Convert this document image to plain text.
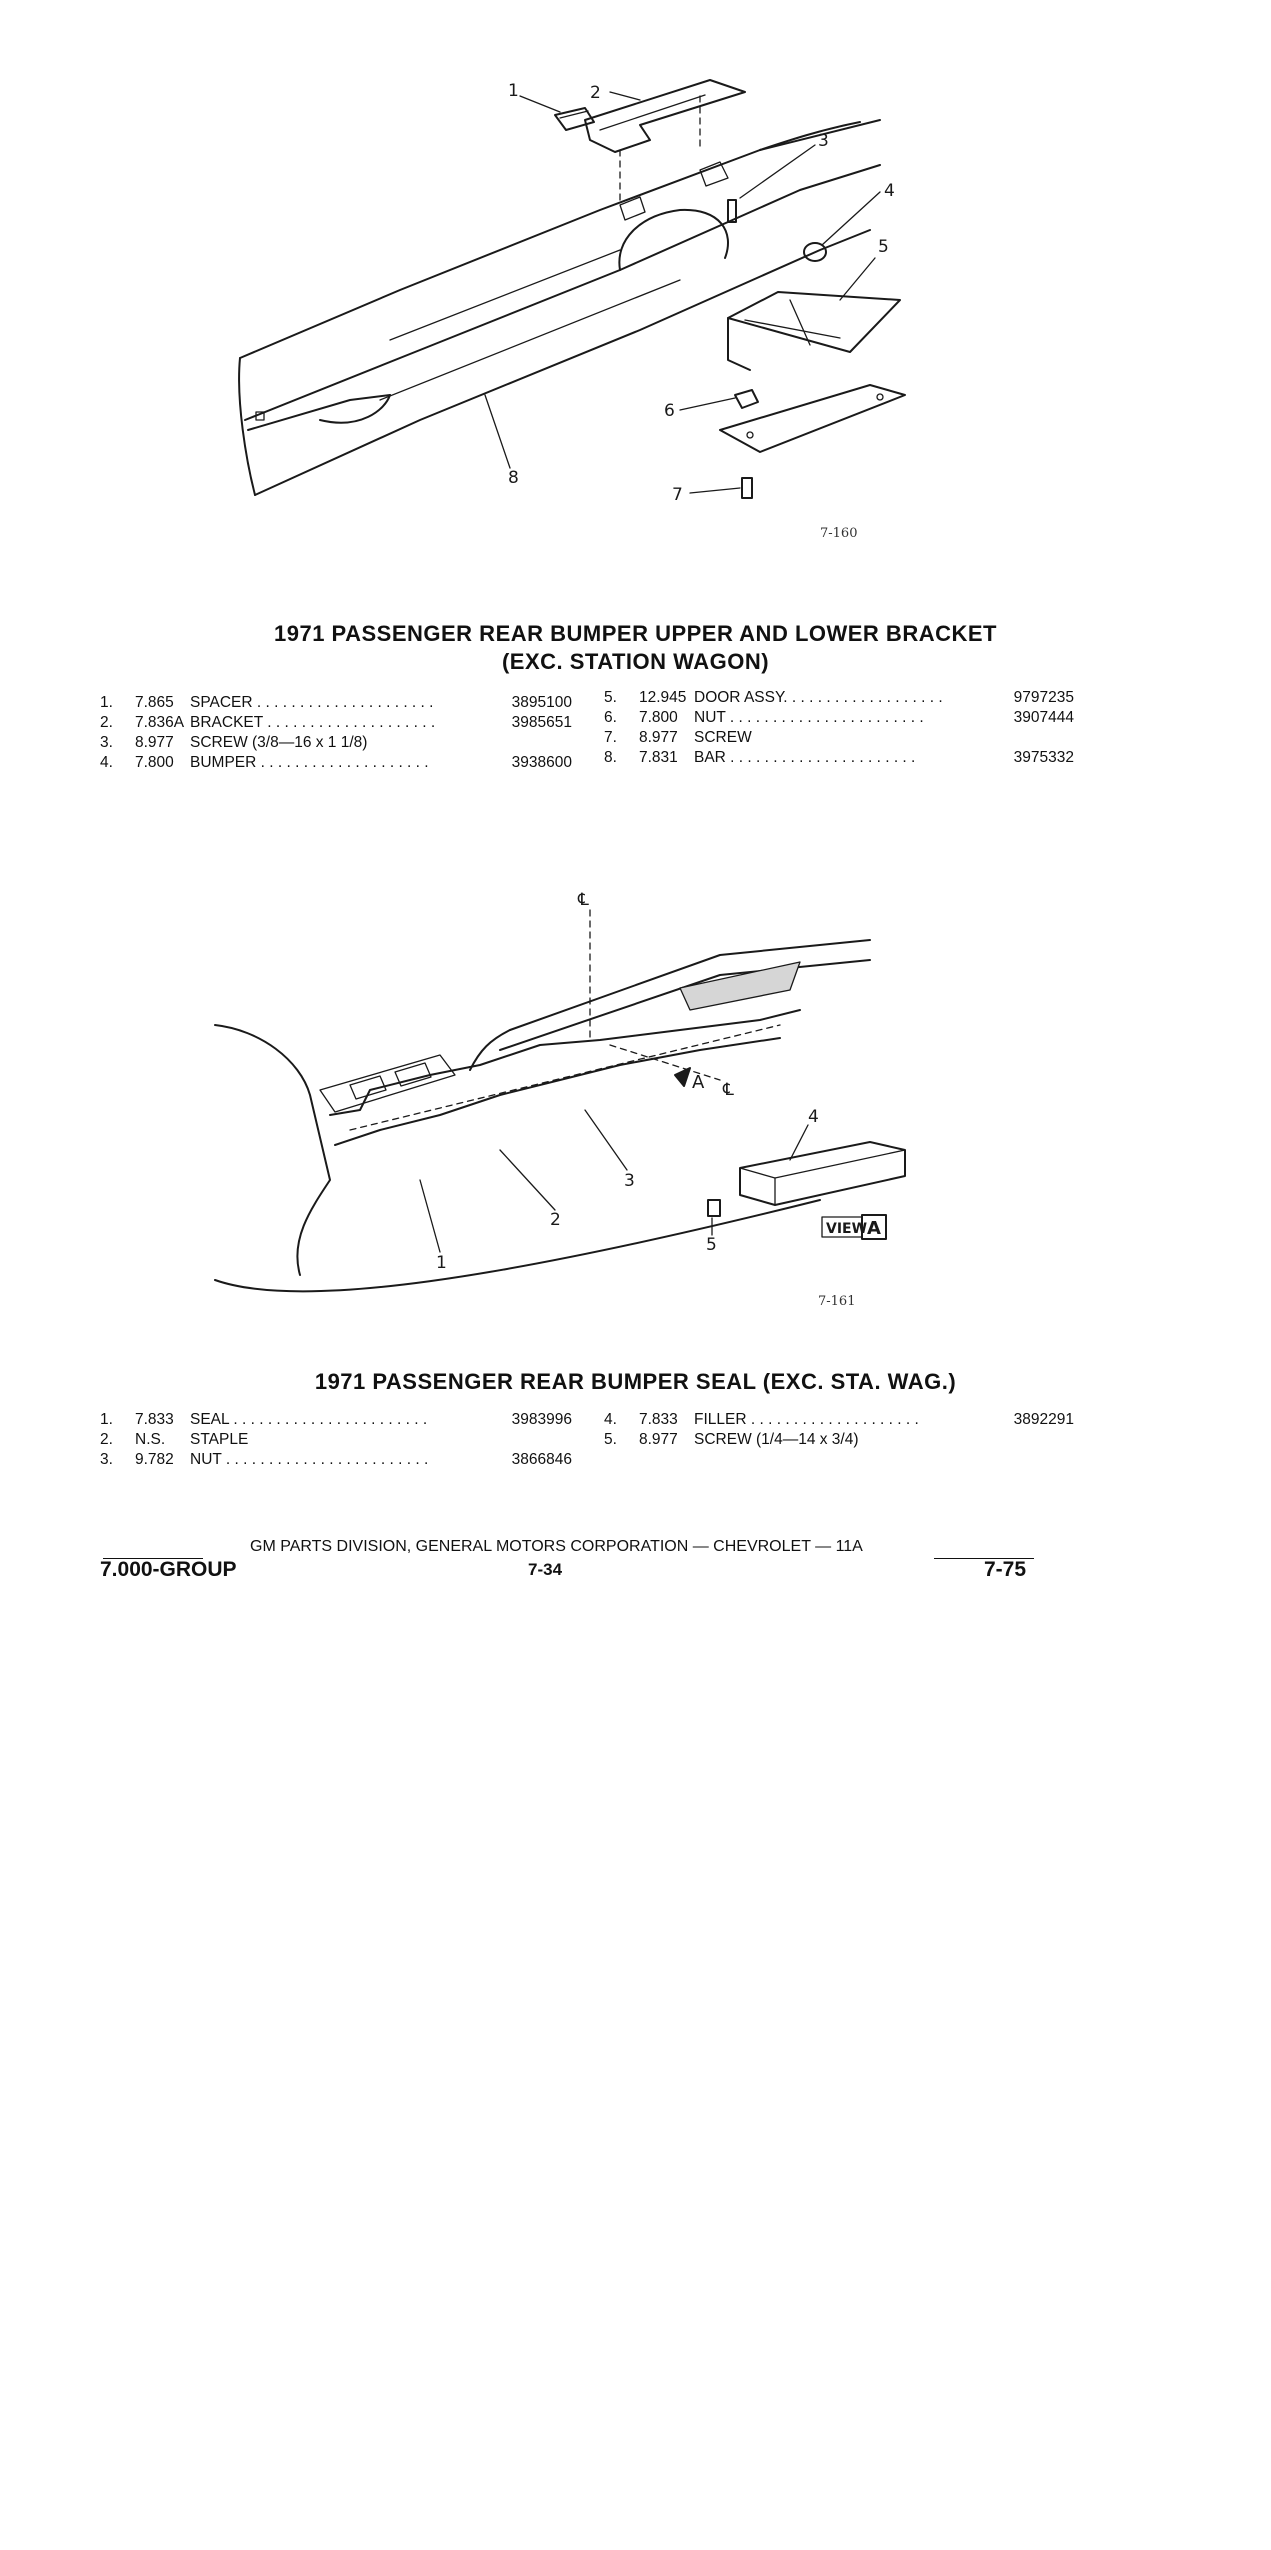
1	2
3
4
5
6
7
8
7-160
1971 PASSENGER REAR BUMPER UPPER AND LOWER BRACKET
(EXC. STATION WAGON)
1. 7.865 SPACER . . . . . . . . . . . . . . . . . . . . .	3895100
2. 7.836A BRACKET . . . . . . . . . . . . . . . . . . . .	3985651
3. 8.977 SCREW (3/8—16 x 1 1/8)
4. 7.800 BUMPER . . . . . . . . . . . . . . . . . . . .	3938600
5. 12.945 DOOR ASSY. . . . . . . . . . . . . . . . . . .	9797235
6. 7.800 NUT . . . . . . . . . . . . . . . . . . . . . . .	3907444
7. 8.977 SCREW
8. 7.831 BAR . . . . . . . . . . . . . . . . . . . . . .	3975332
℄
℄
A
1
2
3
4
5
VIEW A
7-161
1971 PASSENGER REAR BUMPER SEAL (EXC. STA. WAG.)
1. 7.833 SEAL . . . . . . . . . . . . . . . . . . . . . . .	3983996
2. N.S. STAPLE
3. 9.782 NUT . . . . . . . . . . . . . . . . . . . . . . . .	3866846
4. 7.833 FILLER . . . . . . . . . . . . . . . . . . . .	3892291
5. 8.977 SCREW (1/4—14 x 3/4)
GM PARTS DIVISION, GENERAL MOTORS CORPORATION — CHEVROLET — 11A
7.000-GROUP	7-34	7-75
